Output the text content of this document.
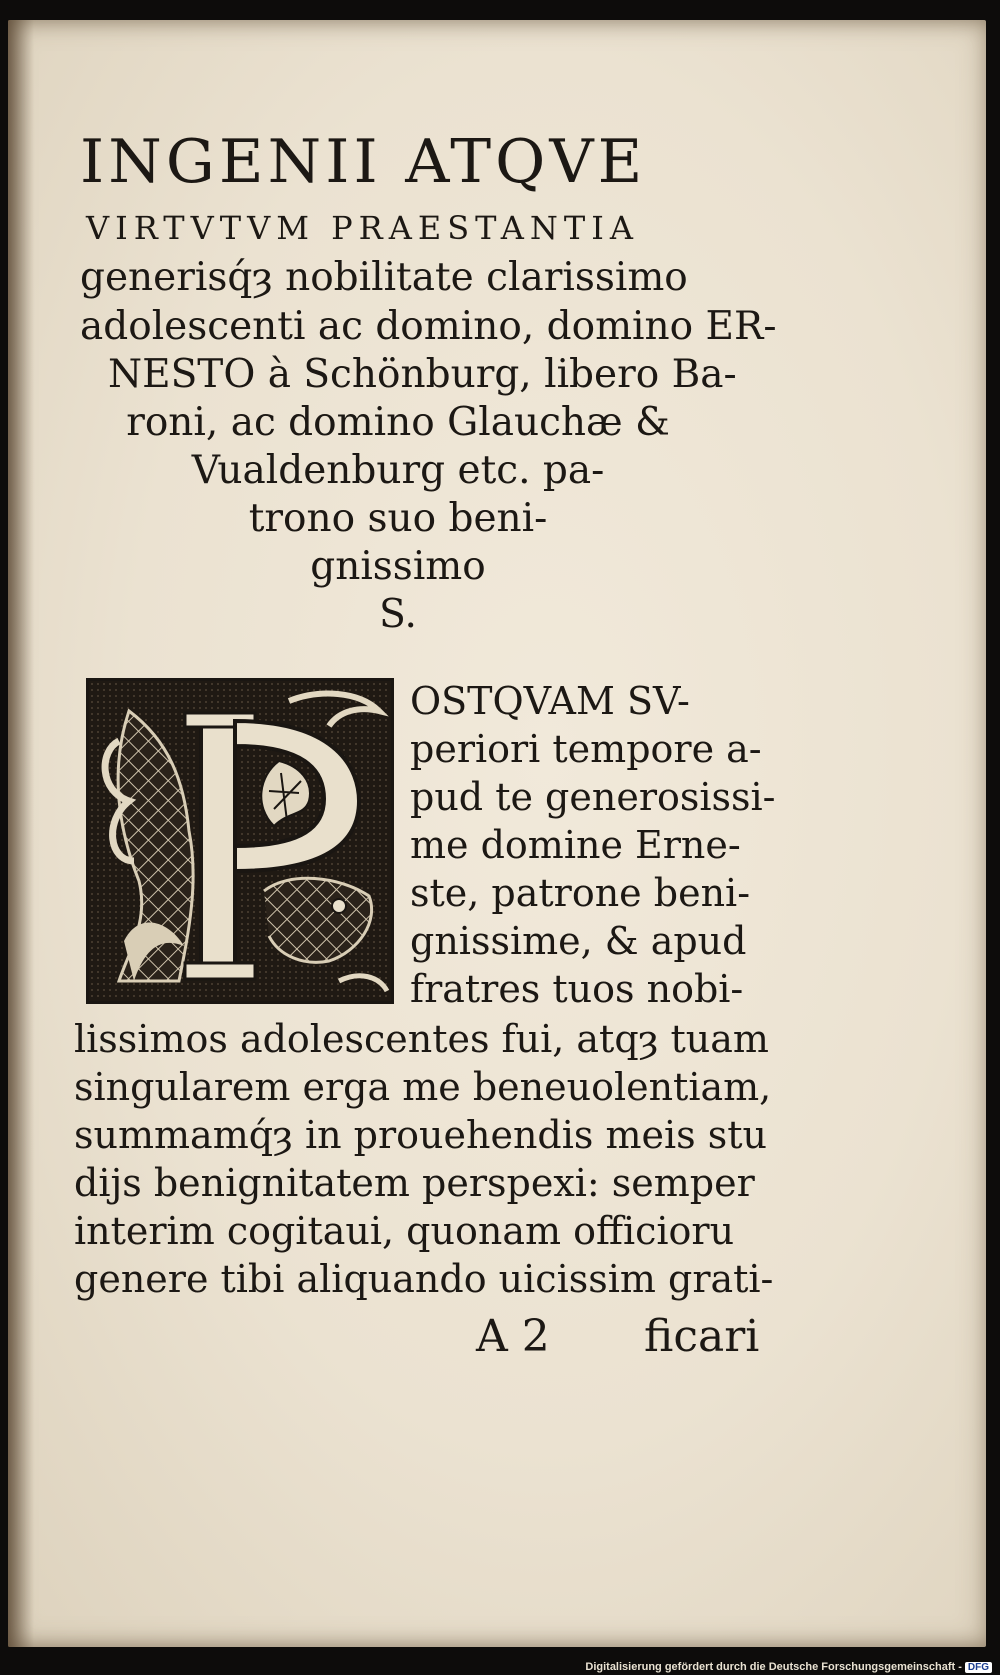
INGENII ATQVE
VIRTVTVM PRAESTANTIA
generisq́ȝ nobilitate clarissimo
adolescenti ac domino, domino ER-
NESTO à Schönburg, libero Ba-
roni, ac domino Glauchæ &
Vualdenburg etc. pa-
trono suo beni-
gnissimo
S.
OSTQVAM SV-
periori tempore a-
pud te generosissi-
me domine Erne-
ste, patrone beni-
gnissime, & apud
fratres tuos nobi-
lissimos adolescentes fui, atqȝ tuam
singularem erga me beneuolentiam,
summamq́ȝ in prouehendis meis stu
dijs benignitatem perspexi: semper
interim cogitaui, quonam officioru
genere tibi aliquando uicissim grati-
A 2 ficari
Digitalisierung gefördert durch die Deutsche Forschungsgemeinschaft - DFG
